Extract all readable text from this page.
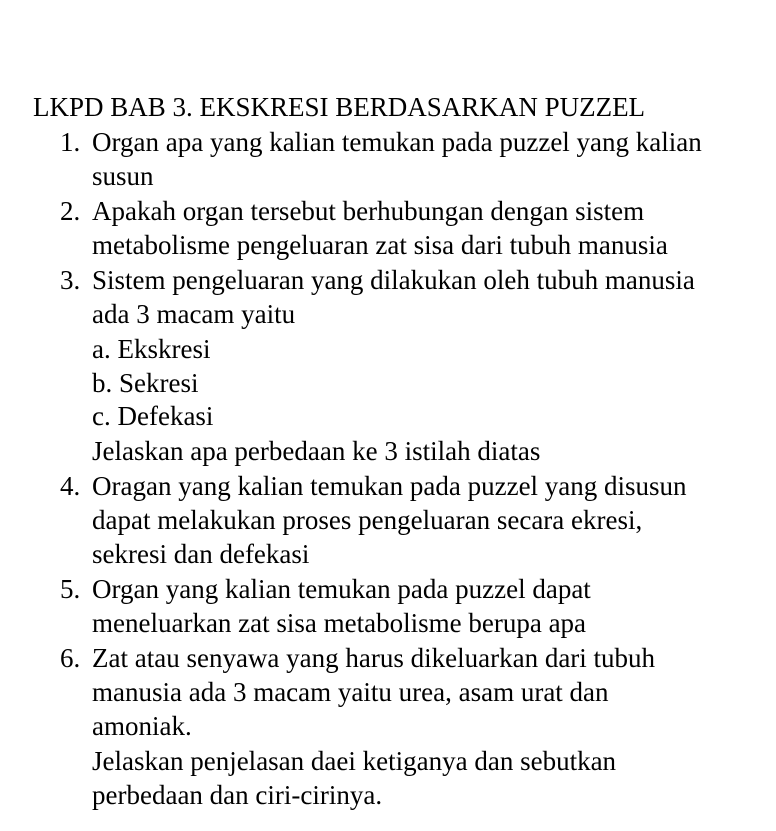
LKPD BAB 3. EKSKRESI BERDASARKAN PUZZEL
1. Organ apa yang kalian temukan pada puzzel yang kalian
susun
2. Apakah organ tersebut berhubungan dengan sistem
metabolisme pengeluaran zat sisa dari tubuh manusia
3. Sistem pengeluaran yang dilakukan oleh tubuh manusia
ada 3 macam yaitu
a. Ekskresi
b. Sekresi
c. Defekasi
Jelaskan apa perbedaan ke 3 istilah diatas
4. Oragan yang kalian temukan pada puzzel yang disusun
dapat melakukan proses pengeluaran secara ekresi,
sekresi dan defekasi
5. Organ yang kalian temukan pada puzzel dapat
meneluarkan zat sisa metabolisme berupa apa
6. Zat atau senyawa yang harus dikeluarkan dari tubuh
manusia ada 3 macam yaitu urea, asam urat dan
amoniak.
Jelaskan penjelasan daei ketiganya dan sebutkan
perbedaan dan ciri-cirinya.
